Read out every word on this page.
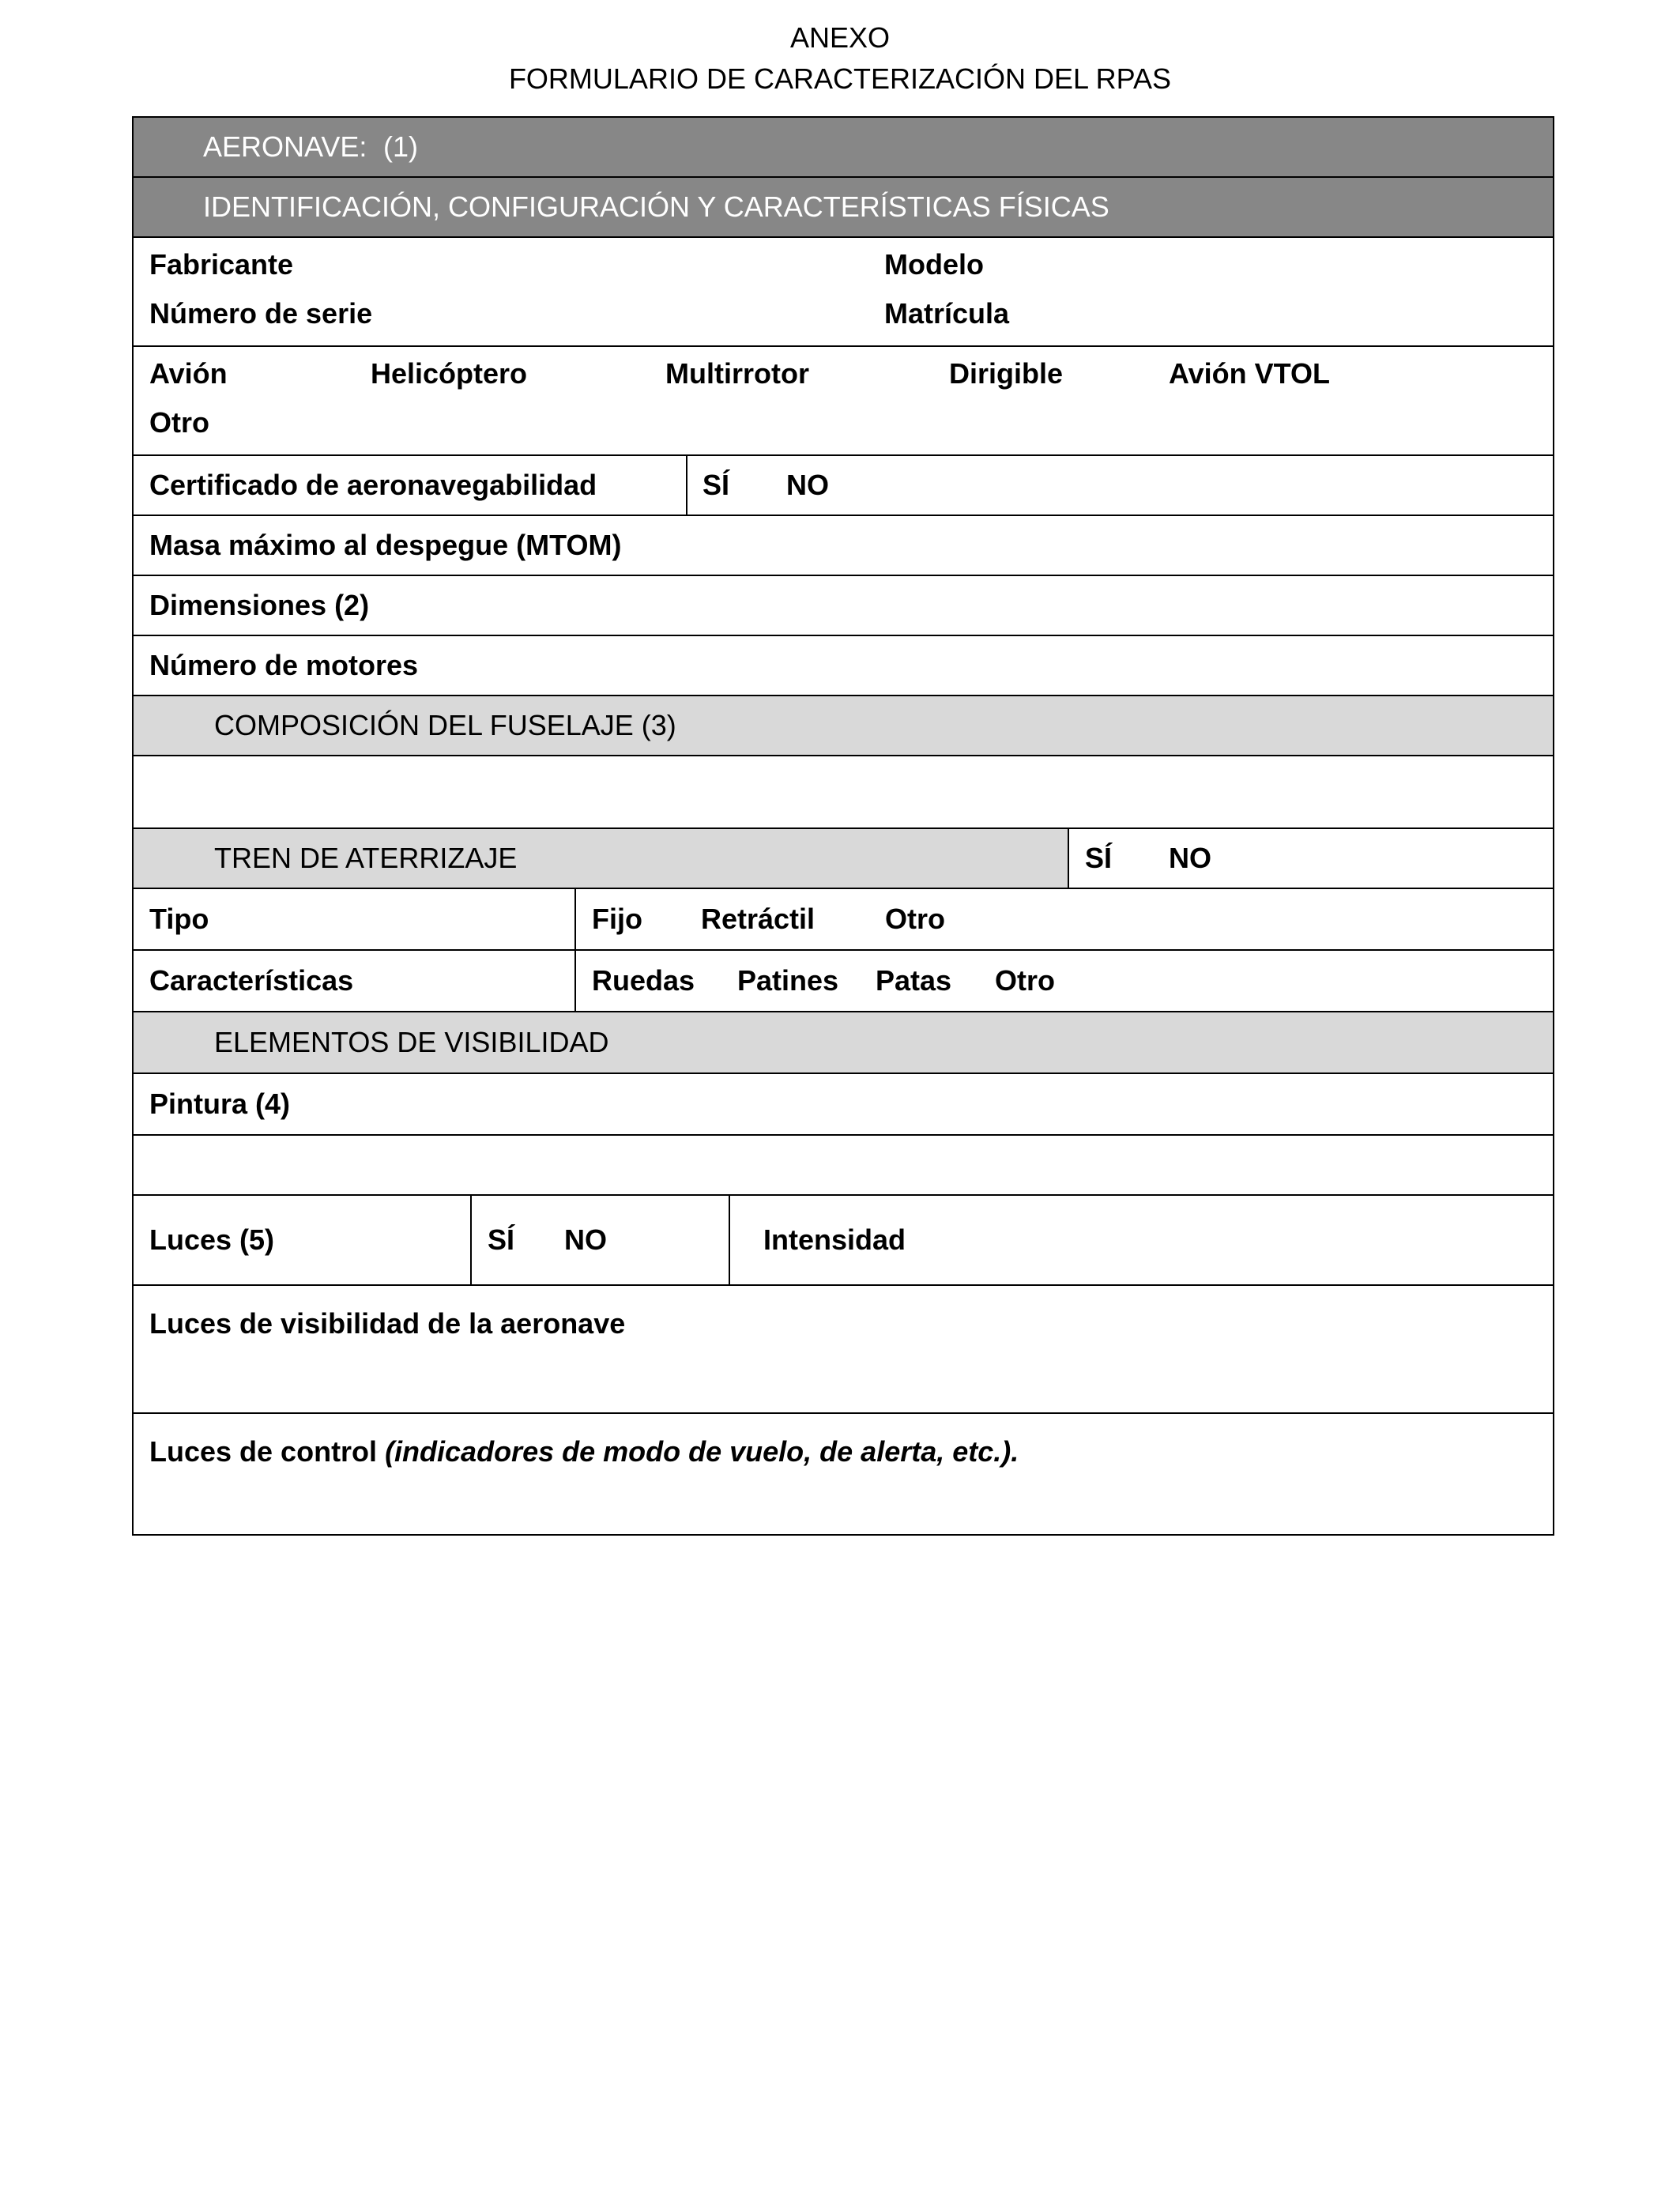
ANEXO
FORMULARIO DE CARACTERIZACIÓN DEL RPAS
AERONAVE: (1)
IDENTIFICACIÓN, CONFIGURACIÓN Y CARACTERÍSTICAS FÍSICAS
Fabricante	Modelo
Número de serie	Matrícula
Avión	Helicóptero	Multirrotor	Dirigible	Avión VTOL
Otro
Certificado de aeronavegabilidad	SÍ NO
Masa máximo al despegue (MTOM)
Dimensiones (2)
Número de motores
COMPOSICIÓN DEL FUSELAJE (3)
TREN DE ATERRIZAJE	SÍ NO
Tipo	Fijo Retráctil Otro
Características	Ruedas Patines Patas Otro
ELEMENTOS DE VISIBILIDAD
Pintura (4)
Luces (5)	SÍ NO	Intensidad
Luces de visibilidad de la aeronave
Luces de control (indicadores de modo de vuelo, de alerta, etc.).
